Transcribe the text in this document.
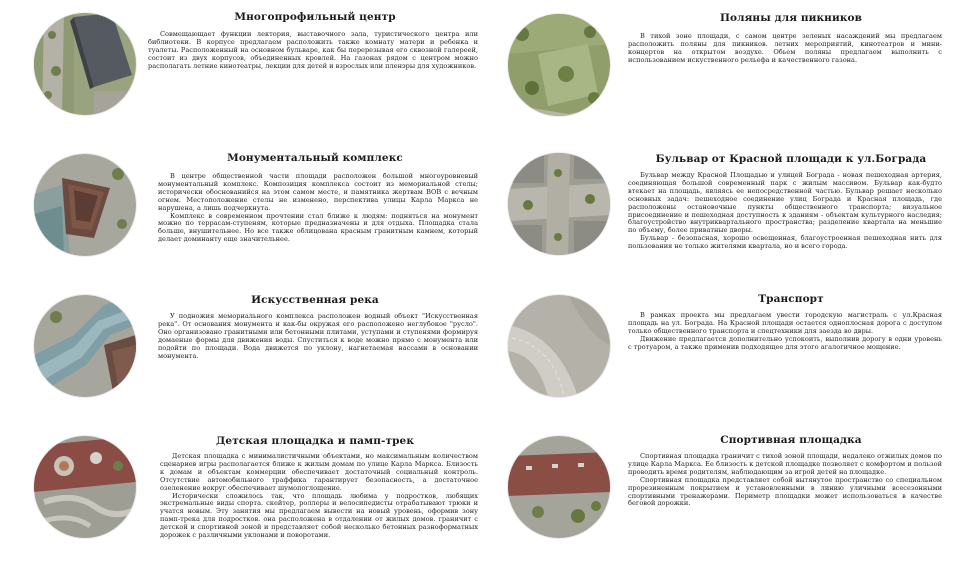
Многопрофильный центр

Совмещающает функции лектория, выставочного зала, туристического центра или библиотеки. В корпусе предлагаем расположить также комнату матери и ребенка и туалеты. Расположенный на основном бульваре, как бы перерезывая его сквозной галереей, состоит из двух корпусов, объединенных кровлей. На газонах рядом с центром можно располагать летние кинотеатры, лекции для детей и взрослых или пленэры для художников.

Поляны для пикников

В тихой зоне площади, с самом центре зеленых насаждений мы предлагаем расположить поляны для пикников. летних мероприятий, кинотеатров и мини-концертов на открытом воздухе. Обьем поляны предлагаем выполнить с использованием искуственного рельефа и качественного газона.

Монументальный комплекс

В центре общественной части площади расположен большой многоуровневый монументальный комплекс. Композиция комплекса состоит из мемориальной стелы; исторически обоснованийся на этом самом месте, и памятника жертвам ВОВ с вечным огнем. Местоположение стелы не изменено, перспектива улицы Карла Маркса не нарушена, а лишь подчеркнута.

Комплекс в современном прочтении стал ближе к людям: подняться на монумент можно по террасам-ступеням, которые предназначены и для отдыха. Площадка стала больше, внушительнее. Но все также облицована красным гранитным камнем, который делает доминанту еще значительнее.

Бульвар от Красной площади к ул.Бограда

Бульвар между Красной Площадью и улицей Бограда - новая пешеходная артерия, соединяющая большой современный парк с жилым массивом. Бульвар как-будто втекает на площадь, являясь ее непосредственной частью. Бульвар решает несколько основных задач: пешеходное соединение улиц Бограда и Красная площадь, где расположены остановочные пункты общественного транспорта; визуальное присоединение и пешеходная доступность к зданиям - объектам культурного наследия; благоустройство внутриквартального пространства; разделение квартала на меньшие по объему, более приватные дворы.

Бульвар - безопасная, хорошо освещенная, благоустроенная пешеходная нить для пользования не только жителями квартала, но и всего города.

Искусственная река

У подножия мемориального комплекса расположен водный объект "Искусственная река". От основания монумента и как-бы окружая его расположено неглубокое "русло". Оно организовано гранитными или бетонными плитами, уступами и ступенями формируя домаеные формы для движения воды. Спуститься к воде можно прямо с монумента или подойти по площади. Вода движется по уклону, нагнетаемая нассами в основании монумента.

Транспорт

В рамках проекта мы предлагаем увести городскую магистраль с ул.Красная площадь на ул. Бограда. На Красной площади остается одноплосная дорога с доступом только общественного транспорта и спецтехники для заезда во двры.

Движение предлагается дополнительно успокоить, выполнив дорогу в одни уровень с тротуаром, а также применив подходящее для этого агалогичное мощение.

Детская площадка и памп-трек

Детская площадка с минималистичными объектами, но максимальным количеством сценариев игры располагается ближе к жилым домам по улице Карла Маркса. Близость к домам и объектам коммерции обеспечивает достаточный социальный контроль. Отсутствие автомобильного траффика гарантирует безопасность, а достаточное озеленение вокруг обеспечивает шумопоглощение.

Исторически сложилось так, что площадь любима у подростков, любящих экстремальные виды спорта. скейтер, роллеры и велосипедисты отрабатывают трюки и учатся новым. Эту занятия мы предлагаем вывести на новый уровень, оформив зону памп-трека для подростков. она расположена в отдалении от жилых домов. граничит с детской и спортивной зоной и представляет собой несколько бетонных разноформатных дорожек с различными уклонами и поворотами.

Спортивная площадка

Спортивная площадка граничит с тихой зоной площади, недалеко отжилых домов по улице Карла Маркса. Ее близость к детской площадке позволяет с комфортом и пользой проводить время родителям, наблюдающим за игрой детей на площадке.

Спортивная площадка представляет собой вытянутое пространство со специальном прорезиненным покрытием и установленными в линию уличными всесезонными спортивными тренажерами. Периметр площадки может использоваться в качестве беговой дорожки.
